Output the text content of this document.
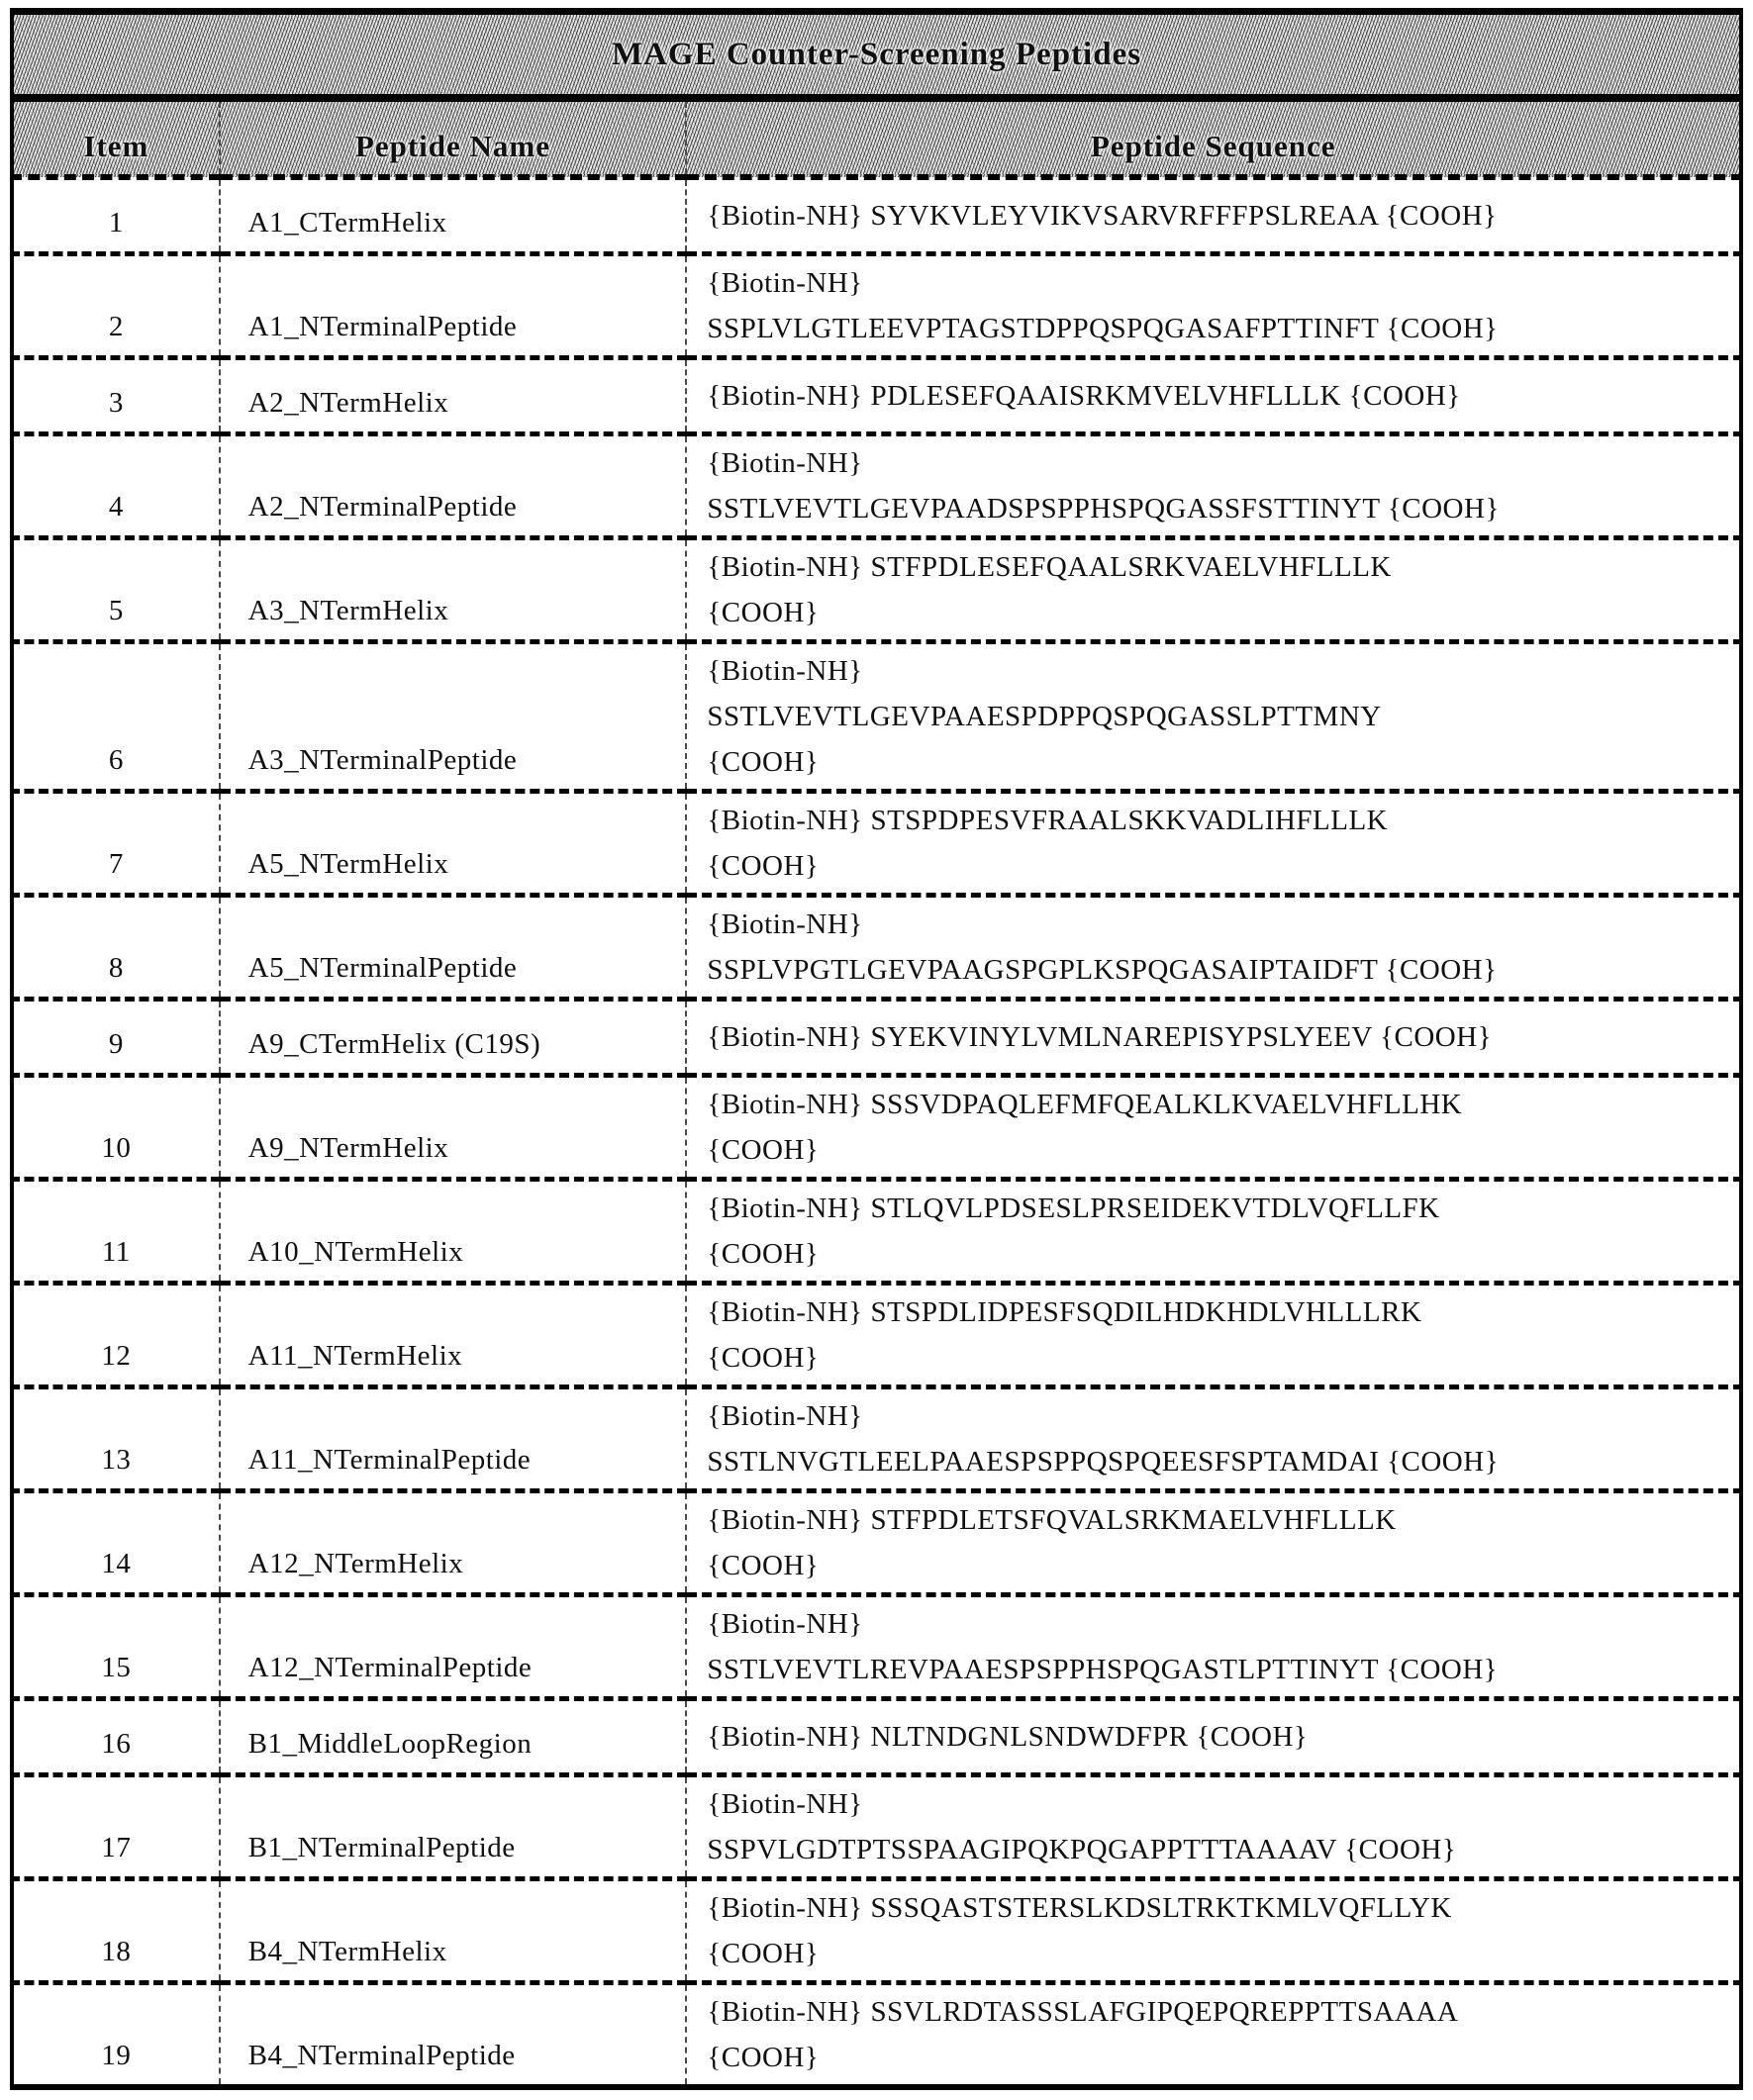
MAGE Counter-Screening Peptides		
Item	Peptide Name	Peptide Sequence
1	A1_CTermHelix	{Biotin-NH} SYVKVLEYVIKVSARVRFFFPSLREAA {COOH}

2	A1_NTerminalPeptide	{Biotin-NH}
SSPLVLGTLEEVPTAGSTDPPQSPQGASAFPTTINFT {COOH}

3	A2_NTermHelix	{Biotin-NH} PDLESEFQAAISRKMVELVHFLLLK {COOH}

4	A2_NTerminalPeptide	{Biotin-NH}
SSTLVEVTLGEVPAADSPSPPHSPQGASSFSTTINYT {COOH}

5	A3_NTermHelix	{Biotin-NH} STFPDLESEFQAALSRKVAELVHFLLLK
{COOH}

6	A3_NTerminalPeptide	{Biotin-NH}
SSTLVEVTLGEVPAAESPDPPQSPQGASSLPTTMNY
{COOH}

7	A5_NTermHelix	{Biotin-NH} STSPDPESVFRAALSKKVADLIHFLLLK
{COOH}

8	A5_NTerminalPeptide	{Biotin-NH}
SSPLVPGTLGEVPAAGSPGPLKSPQGASAIPTAIDFT {COOH}

9	A9_CTermHelix (C19S)	{Biotin-NH} SYEKVINYLVMLNAREPISYPSLYEEV {COOH}

10	A9_NTermHelix	{Biotin-NH} SSSVDPAQLEFMFQEALKLKVAELVHFLLHK
{COOH}

11	A10_NTermHelix	{Biotin-NH} STLQVLPDSESLPRSEIDEKVTDLVQFLLFK
{COOH}

12	A11_NTermHelix	{Biotin-NH} STSPDLIDPESFSQDILHDKHDLVHLLLRK
{COOH}

13	A11_NTerminalPeptide	{Biotin-NH}
SSTLNVGTLEELPAAESPSPPQSPQEESFSPTAMDAI {COOH}

14	A12_NTermHelix	{Biotin-NH} STFPDLETSFQVALSRKMAELVHFLLLK
{COOH}

15	A12_NTerminalPeptide	{Biotin-NH}
SSTLVEVTLREVPAAESPSPPHSPQGASTLPTTINYT {COOH}

16	B1_MiddleLoopRegion	{Biotin-NH} NLTNDGNLSNDWDFPR {COOH}

17	B1_NTerminalPeptide	{Biotin-NH}
SSPVLGDTPTSSPAAGIPQKPQGAPPTTTAAAAV {COOH}

18	B4_NTermHelix	{Biotin-NH} SSSQASTSTERSLKDSLTRKTKMLVQFLLYK
{COOH}

19	B4_NTerminalPeptide	{Biotin-NH} SSVLRDTASSSLAFGIPQEPQREPPTTSAAAA
{COOH}
